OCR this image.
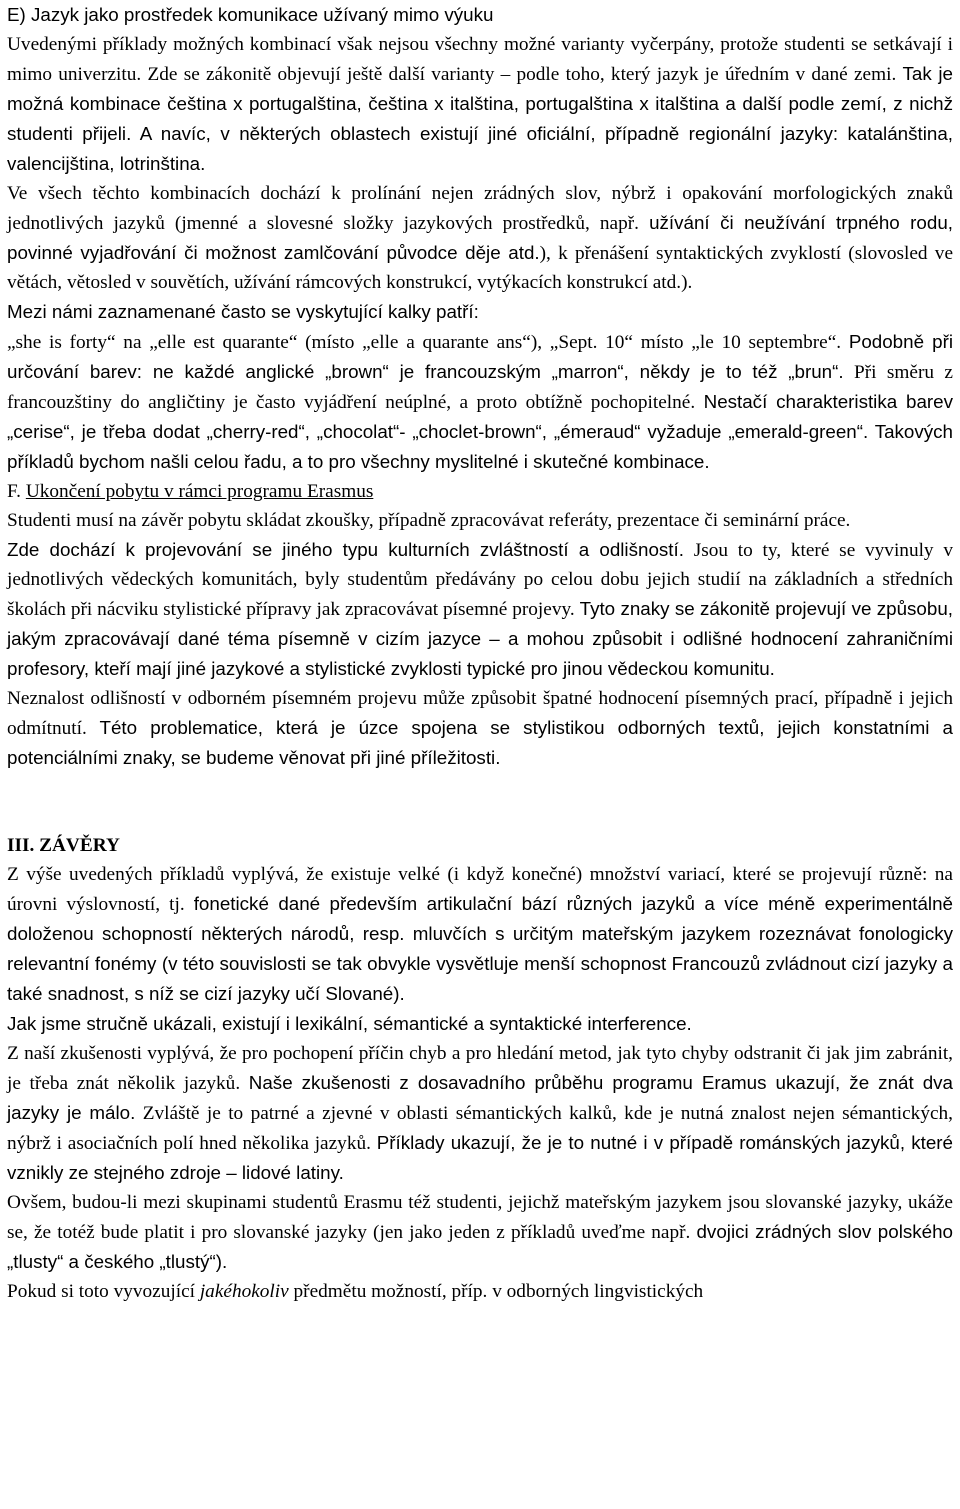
E) Jazyk jako prostředek komunikace užívaný mimo výuku

Uvedenými příklady možných kombinací však nejsou všechny možné varianty vyčerpány, protože studenti se setkávají i mimo univerzitu. Zde se zákonitě objevují ještě další varianty – podle toho, který jazyk je úředním v dané zemi. Tak je možná kombinace čeština x portugalština, čeština x italština, portugalština x italština a další podle zemí, z nichž studenti přijeli. A navíc, v některých oblastech existují jiné oficiální, případně regionální jazyky: katalánština, valencijština, lotrinština.

Ve všech těchto kombinacích dochází k prolínání nejen zrádných slov, nýbrž i opakování morfologických znaků jednotlivých jazyků (jmenné a slovesné složky jazykových prostředků, např. užívání či neužívání trpného rodu, povinné vyjadřování či možnost zamlčování původce děje atd.), k přenášení syntaktických zvyklostí (slovosled ve větách, větosled v souvětích, užívání rámcových konstrukcí, vytýkacích konstrukcí atd.).

Mezi námi zaznamenané často se vyskytující kalky patří:

„she is forty“ na „elle est quarante“ (místo „elle a quarante ans“), „Sept. 10“ místo „le 10 septembre“. Podobně při určování barev: ne každé anglické „brown“ je francouzským „marron“, někdy je to též „brun“. Při směru z francouzštiny do angličtiny je často vyjádření neúplné, a proto obtížně pochopitelné. Nestačí charakteristika barev „cerise“, je třeba dodat „cherry-red“, „chocolat“- „choclet-brown“, „émeraud“ vyžaduje „emerald-green“. Takových příkladů bychom našli celou řadu, a to pro všechny myslitelné i skutečné kombinace.

F. Ukončení pobytu v rámci programu Erasmus

Studenti musí na závěr pobytu skládat zkoušky, případně zpracovávat referáty, prezentace či seminární práce.

Zde dochází k projevování se jiného typu kulturních zvláštností a odlišností. Jsou to ty, které se vyvinuly v jednotlivých vědeckých komunitách, byly studentům předávány po celou dobu jejich studií na základních a středních školách při nácviku stylistické přípravy jak zpracovávat písemné projevy. Tyto znaky se zákonitě projevují ve způsobu, jakým zpracovávají dané téma písemně v cizím jazyce – a mohou způsobit i odlišné hodnocení zahraničními profesory, kteří mají jiné jazykové a stylistické zvyklosti typické pro jinou vědeckou komunitu.

Neznalost odlišností v odborném písemném projevu může způsobit špatné hodnocení písemných prací, případně i jejich odmítnutí. Této problematice, která je úzce spojena se stylistikou odborných textů, jejich konstatními a potenciálními znaky, se budeme věnovat při jiné příležitosti.

III. ZÁVĚRY

Z výše uvedených příkladů vyplývá, že existuje velké (i když konečné) množství variací, které se projevují různě: na úrovni výslovností, tj. fonetické dané především artikulační bází různých jazyků a více méně experimentálně doloženou schopností některých národů, resp. mluvčích s určitým mateřským jazykem rozeznávat fonologicky relevantní fonémy (v této souvislosti se tak obvykle vysvětluje menší schopnost Francouzů zvládnout cizí jazyky a také snadnost, s níž se cizí jazyky učí Slované).

Jak jsme stručně ukázali, existují i lexikální, sémantické a syntaktické interference.

Z naší zkušenosti vyplývá, že pro pochopení příčin chyb a pro hledání metod, jak tyto chyby odstranit či jak jim zabránit, je třeba znát několik jazyků. Naše zkušenosti z dosavadního průběhu programu Eramus ukazují, že znát dva jazyky je málo. Zvláště je to patrné a zjevné v oblasti sémantických kalků, kde je nutná znalost nejen sémantických, nýbrž i asociačních polí hned několika jazyků. Příklady ukazují, že je to nutné i v případě románských jazyků, které vznikly ze stejného zdroje – lidové latiny.

Ovšem, budou-li mezi skupinami studentů Erasmu též studenti, jejichž mateřským jazykem jsou slovanské jazyky, ukáže se, že totéž bude platit i pro slovanské jazyky (jen jako jeden z příkladů uveďme např. dvojici zrádných slov polského „tlusty“ a českého „tlustý“).

Pokud si toto vyvozující jakéhokoliv předmětu možností, příp. v odborných lingvistických
